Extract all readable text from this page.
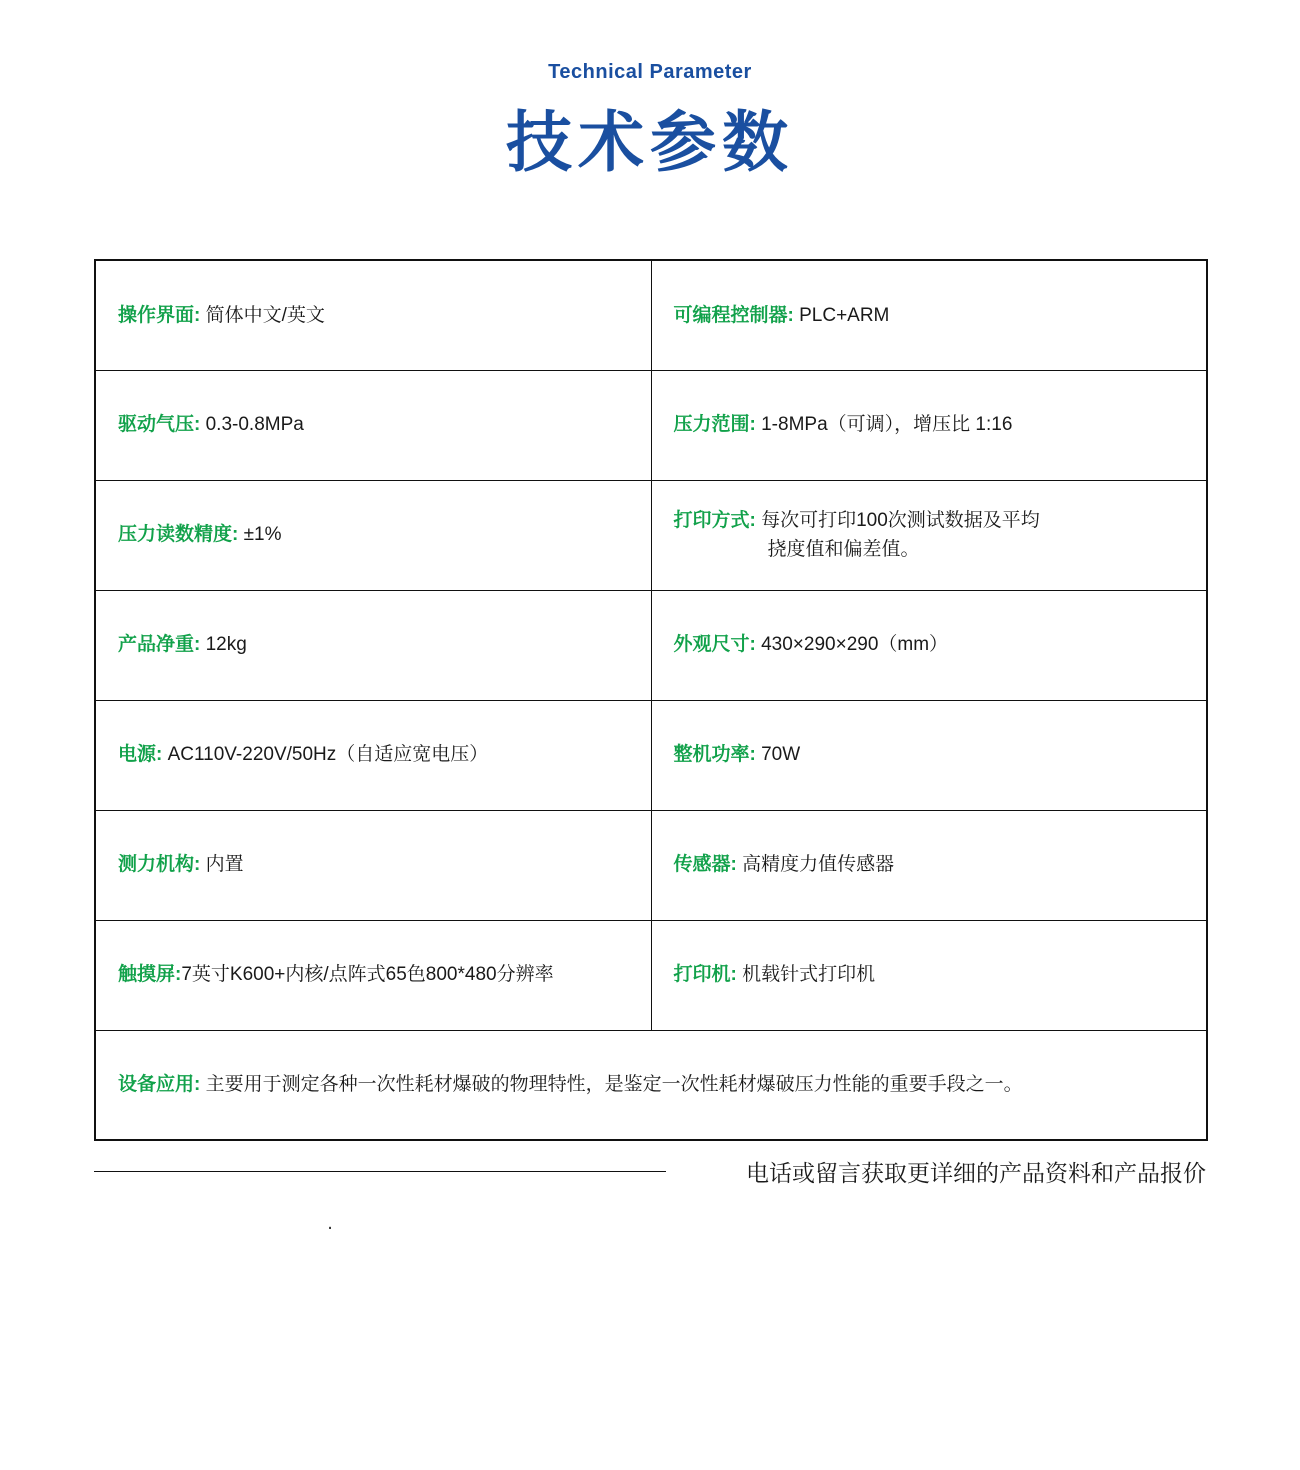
Technical Parameter
技术参数
操作界面: 简体中文/英文	可编程控制器: PLC+ARM
驱动气压: 0.3-0.8MPa	压力范围: 1-8MPa（可调），增压比 1:16
压力读数精度: ±1%	打印方式: 每次可打印100次测试数据及平均
挠度值和偏差值。

产品净重: 12kg	外观尺寸: 430×290×290（mm）
电源: AC110V-220V/50Hz（自适应宽电压）	整机功率: 70W
测力机构: 内置	传感器: 高精度力值传感器
触摸屏:7英寸K600+内核/点阵式65色800*480分辨率	打印机: 机载针式打印机
设备应用: 主要用于测定各种一次性耗材爆破的物理特性，是鉴定一次性耗材爆破压力性能的重要手段之一。	
电话或留言获取更详细的产品资料和产品报价
.
